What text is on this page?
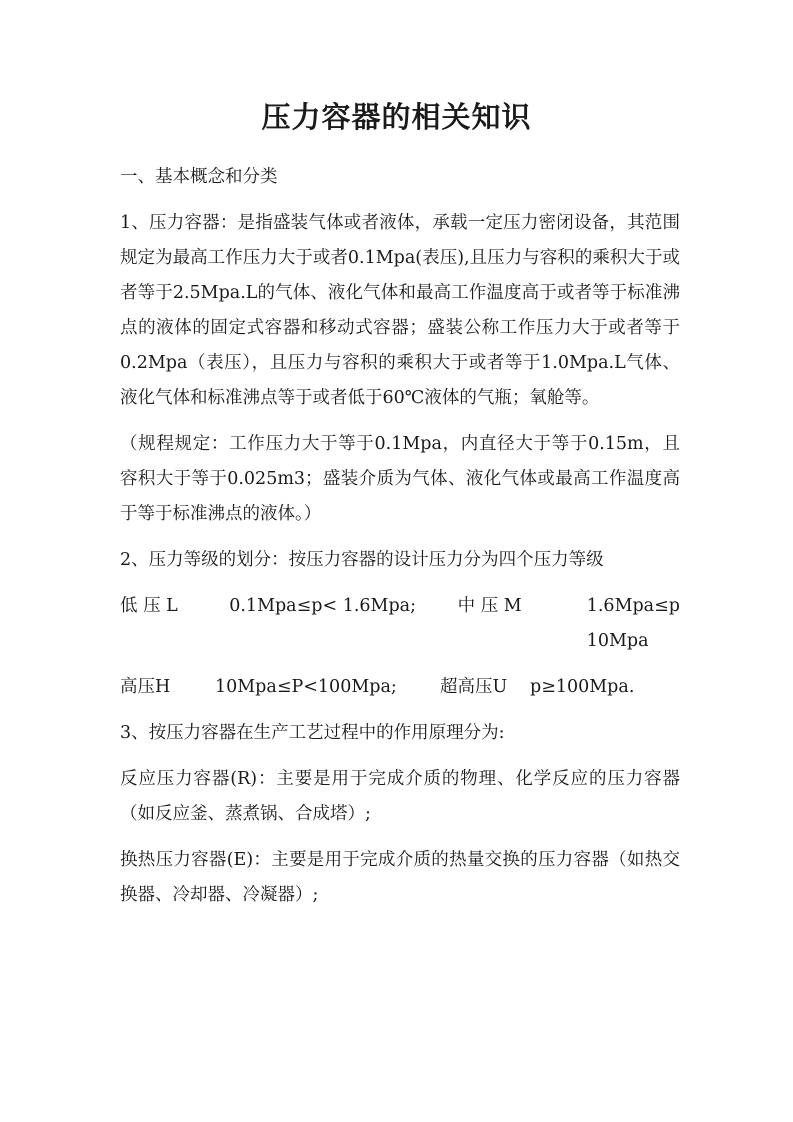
压力容器的相关知识

一、基本概念和分类

1、压力容器：是指盛装气体或者液体，承载一定压力密闭设备，其范围规定为最高工作压力大于或者0.1Mpa(表压),且压力与容积的乘积大于或者等于2.5Mpa.L的气体、液化气体和最高工作温度高于或者等于标准沸点的液体的固定式容器和移动式容器；盛装公称工作压力大于或者等于0.2Mpa（表压），且压力与容积的乘积大于或者等于1.0Mpa.L气体、液化气体和标准沸点等于或者低于60℃液体的气瓶；氧舱等。

（规程规定：工作压力大于等于0.1Mpa，内直径大于等于0.15m，且容积大于等于0.025m3；盛装介质为气体、液化气体或最高工作温度高于等于标准沸点的液体。）

2、压力等级的划分：按压力容器的设计压力分为四个压力等级

低 压 L	0.1Mpa≤p< 1.6Mpa;	中 压 M	1.6Mpa≤p 10Mpa
高压H	10Mpa≤P<100Mpa;	超高压U	p≥100Mpa.

3、按压力容器在生产工艺过程中的作用原理分为:

反应压力容器(R)：主要是用于完成介质的物理、化学反应的压力容器（如反应釜、蒸煮锅、合成塔）;

换热压力容器(E)：主要是用于完成介质的热量交换的压力容器（如热交换器、冷却器、冷凝器）;
